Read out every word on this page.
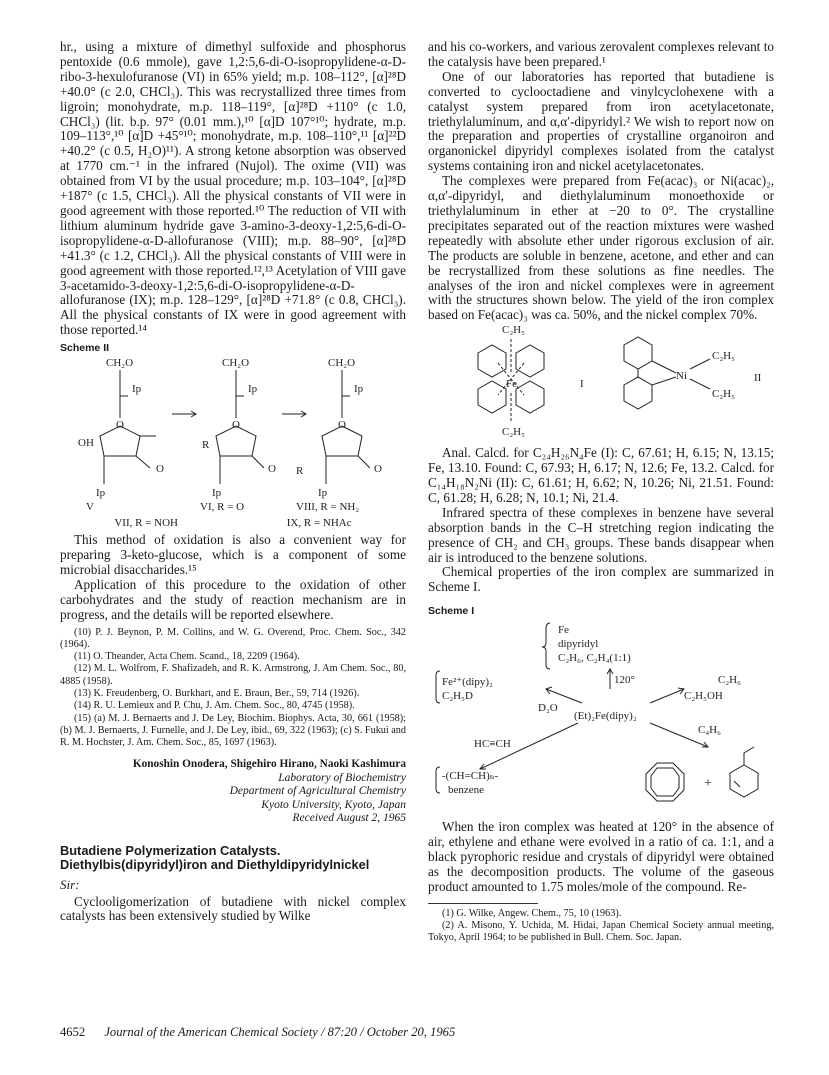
hr., using a mixture of dimethyl sulfoxide and phosphorus pentoxide (0.6 mmole), gave 1,2:5,6-di-O-isopropylidene-α-D-ribo-3-hexulofuranose (VI) in 65% yield; m.p. 108–112°, [α]²⁸D +40.0° (c 2.0, CHCl₃). This was recrystallized three times from ligroin; monohydrate, m.p. 118–119°, [α]²⁸D +110° (c 1.0, CHCl₃) (lit. b.p. 97° (0.01 mm.),¹⁰ [α]D 107°¹⁰; hydrate, m.p. 109–113°,¹⁰ [α]D +45°¹⁰; monohydrate, m.p. 108–110°,¹¹ [α]²²D +40.2° (c 0.5, H₂O)¹¹). A strong ketone absorption was observed at 1770 cm.⁻¹ in the infrared (Nujol). The oxime (VII) was obtained from VI by the usual procedure; m.p. 103–104°, [α]²⁸D +187° (c 1.5, CHCl₃). All the physical constants of VII were in good agreement with those reported.¹⁰ The reduction of VII with lithium aluminum hydride gave 3-amino-3-deoxy-1,2:5,6-di-O-isopropylidene-α-D-allofuranose (VIII); m.p. 88–90°, [α]²⁸D +41.3° (c 1.2, CHCl₃). All the physical constants of VIII were in good agreement with those reported.¹²,¹³ Acetylation of VIII gave 3-acetamido-3-deoxy-1,2:5,6-di-O-isopropylidene-α-D-allofuranose (IX); m.p. 128–129°, [α]²⁸D +71.8° (c 0.8, CHCl₃). All the physical constants of IX were in good agreement with those reported.¹⁴

Scheme II
CH₂O
Ip
O
OH
O
Ip
CH₂O
Ip
O
R
O
Ip
CH₂O
Ip
O
R	O
Ip
V	VI, R = O	VIII, R = NH₂
VII, R = NOH	IX, R = NHAc

This method of oxidation is also a convenient way for preparing 3-keto-glucose, which is a component of some microbial disaccharides.¹⁵

Application of this procedure to the oxidation of other carbohydrates and the study of reaction mechanism are in progress, and the details will be reported elsewhere.

(10) P. J. Beynon, P. M. Collins, and W. G. Overend, Proc. Chem. Soc., 342 (1964).
(11) O. Theander, Acta Chem. Scand., 18, 2209 (1964).
(12) M. L. Wolfrom, F. Shafizadeh, and R. K. Armstrong, J. Am Chem. Soc., 80, 4885 (1958).
(13) K. Freudenberg, O. Burkhart, and E. Braun, Ber., 59, 714 (1926).
(14) R. U. Lemieux and P. Chu, J. Am. Chem. Soc., 80, 4745 (1958).
(15) (a) M. J. Bernaerts and J. De Ley, Biochim. Biophys. Acta, 30, 661 (1958); (b) M. J. Bernaerts, J. Furnelle, and J. De Ley, ibid., 69, 322 (1963); (c) S. Fukui and R. M. Hochster, J. Am. Chem. Soc., 85, 1697 (1963).
Konoshin Onodera, Shigehiro Hirano, Naoki Kashimura
Laboratory of Biochemistry
Department of Agricultural Chemistry
Kyoto University, Kyoto, Japan
Received August 2, 1965
Butadiene Polymerization Catalysts. Diethylbis(dipyridyl)iron and Diethyldipyridylnickel
Sir:

Cyclooligomerization of butadiene with nickel complex catalysts has been extensively studied by Wilke

and his co-workers, and various zerovalent complexes relevant to the catalysis have been prepared.¹

One of our laboratories has reported that butadiene is converted to cyclooctadiene and vinylcyclohexene with a catalyst system prepared from iron acetylacetonate, triethylaluminum, and α,α′-dipyridyl.² We wish to report now on the preparation and properties of crystalline organoiron and organonickel dipyridyl complexes isolated from the catalyst systems containing iron and nickel acetylacetonates.

The complexes were prepared from Fe(acac)₃ or Ni(acac)₂, α,α′-dipyridyl, and diethylaluminum monoethoxide or triethylaluminum in ether at −20 to 0°. The crystalline precipitates separated out of the reaction mixtures were washed repeatedly with absolute ether under rigorous exclusion of air. The products are soluble in benzene, acetone, and ether and can be recrystallized from these solutions as fine needles. The analyses of the iron and nickel complexes were in agreement with the structures shown below. The yield of the iron complex based on Fe(acac)₃ was ca. 50%, and the nickel complex 70%.

C₂H₅
Fe
C₂H₅
I
Ni
C₂H₅
C₂H₅
II

Anal. Calcd. for C₂₄H₂₆N₄Fe (I): C, 67.61; H, 6.15; N, 13.15; Fe, 13.10. Found: C, 67.93; H, 6.17; N, 12.6; Fe, 13.2. Calcd. for C₁₄H₁₈N₂Ni (II): C, 61.61; H, 6.62; N, 10.26; Ni, 21.51. Found: C, 61.28; H, 6.28; N, 10.1; Ni, 21.4.

Infrared spectra of these complexes in benzene have several absorption bands in the C–H stretching region indicating the presence of CH₂ and CH₃ groups. These bands disappear when air is introduced to the benzene solutions.

Chemical properties of the iron complex are summarized in Scheme I.

Scheme I
Fe
dipyridyl
C₂H₆, C₂H₄(1:1)
Fe²⁺(dipy)₂
C₂H₅D
D₂O
120°	C₂H₆
C₂H₅OH
(Et)₂Fe(dipy)₂
HC≡CH
C₄H₆
-(CH=CH)ₙ-
benzene	+

When the iron complex was heated at 120° in the absence of air, ethylene and ethane were evolved in a ratio of ca. 1:1, and a black pyrophoric residue and crystals of dipyridyl were obtained as the decomposition products. The volume of the gaseous product amounted to 1.75 moles/mole of the compound. Re-

(1) G. Wilke, Angew. Chem., 75, 10 (1963).
(2) A. Misono, Y. Uchida, M. Hidai, Japan Chemical Society annual meeting, Tokyo, April 1964; to be published in Bull. Chem. Soc. Japan.
4652 Journal of the American Chemical Society / 87:20 / October 20, 1965
